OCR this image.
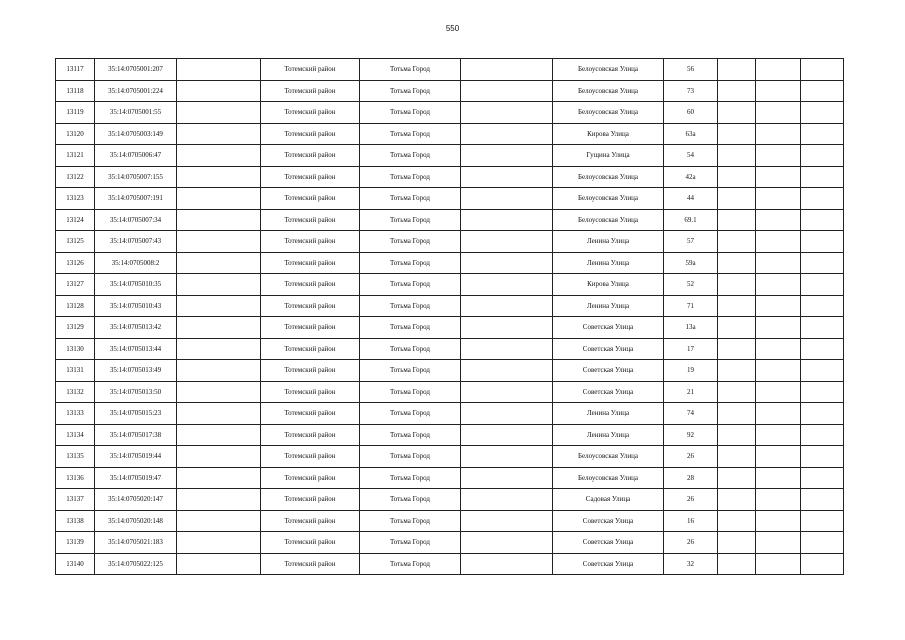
550
13117	35:14:0705001:207		Тотемский район	Тотьма Город		Белоусовская Улица	56			
13118	35:14:0705001:224		Тотемский район	Тотьма Город		Белоусовская Улица	73			
13119	35:14:0705001:55		Тотемский район	Тотьма Город		Белоусовская Улица	60			
13120	35:14:0705003:149		Тотемский район	Тотьма Город		Кирова Улица	63а			
13121	35:14:0705006:47		Тотемский район	Тотьма Город		Гущина Улица	54			
13122	35:14:0705007:155		Тотемский район	Тотьма Город		Белоусовская Улица	42а			
13123	35:14:0705007:191		Тотемский район	Тотьма Город		Белоусовская Улица	44			
13124	35:14:0705007:34		Тотемский район	Тотьма Город		Белоусовская Улица	69.1			
13125	35:14:0705007:43		Тотемский район	Тотьма Город		Ленина Улица	57			
13126	35:14:0705008:2		Тотемский район	Тотьма Город		Ленина Улица	59а			
13127	35:14:0705010:35		Тотемский район	Тотьма Город		Кирова Улица	52			
13128	35:14:0705010:43		Тотемский район	Тотьма Город		Ленина Улица	71			
13129	35:14:0705013:42		Тотемский район	Тотьма Город		Советская Улица	13а			
13130	35:14:0705013:44		Тотемский район	Тотьма Город		Советская Улица	17			
13131	35:14:0705013:49		Тотемский район	Тотьма Город		Советская Улица	19			
13132	35:14:0705013:50		Тотемский район	Тотьма Город		Советская Улица	21			
13133	35:14:0705015:23		Тотемский район	Тотьма Город		Ленина Улица	74			
13134	35:14:0705017:38		Тотемский район	Тотьма Город		Ленина Улица	92			
13135	35:14:0705019:44		Тотемский район	Тотьма Город		Белоусовская Улица	26			
13136	35:14:0705019:47		Тотемский район	Тотьма Город		Белоусовская Улица	28			
13137	35:14:0705020:147		Тотемский район	Тотьма Город		Садовая Улица	26			
13138	35:14:0705020:148		Тотемский район	Тотьма Город		Советская Улица	16			
13139	35:14:0705021:183		Тотемский район	Тотьма Город		Советская Улица	26			
13140	35:14:0705022:125		Тотемский район	Тотьма Город		Советская Улица	32			
